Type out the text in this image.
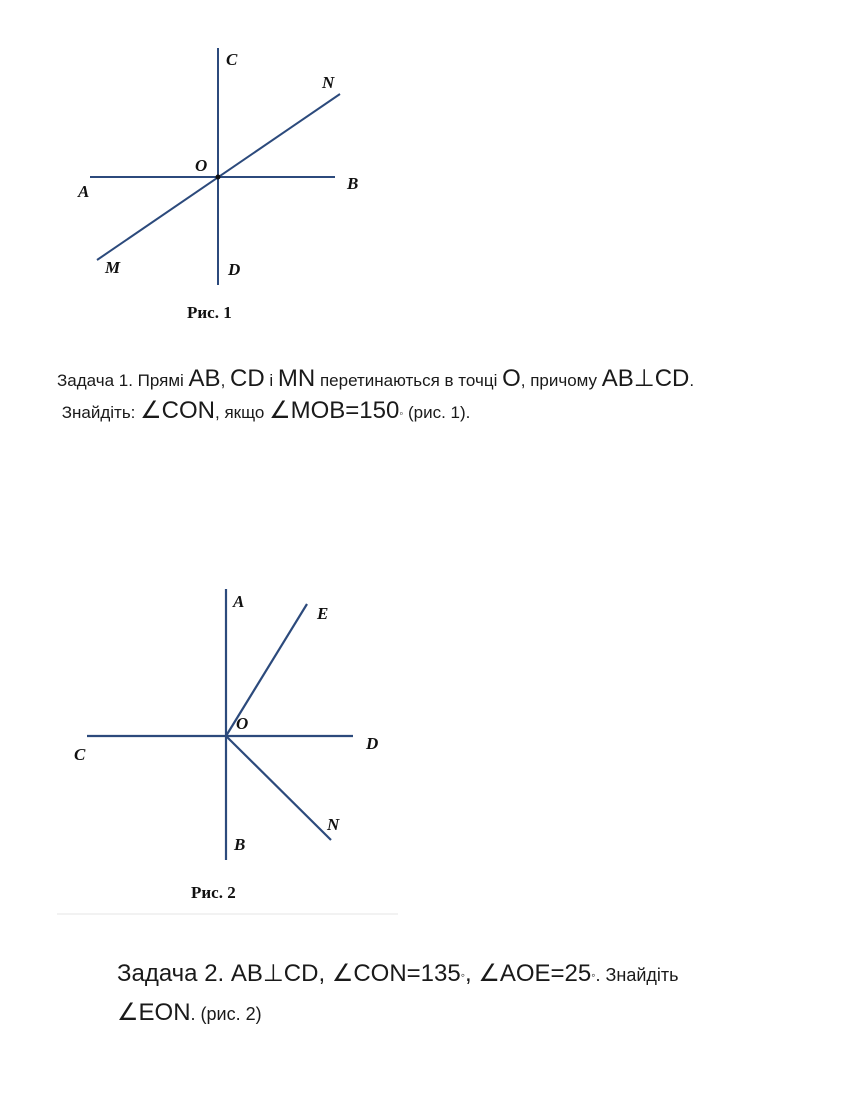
C
N
O
A	B
M	D
Рис. 1
Задача 1. Прямі AB, CD і MN перетинаються в точці O, причому AB⊥CD.
Знайдіть: ∠CON, якщо ∠MOB=150◦ (рис. 1).
A
E
O
C
D
N
B
Рис. 2
Задача 2. AB⊥CD, ∠CON=135◦, ∠AOE=25◦. Знайдіть
∠EON. (рис. 2)
